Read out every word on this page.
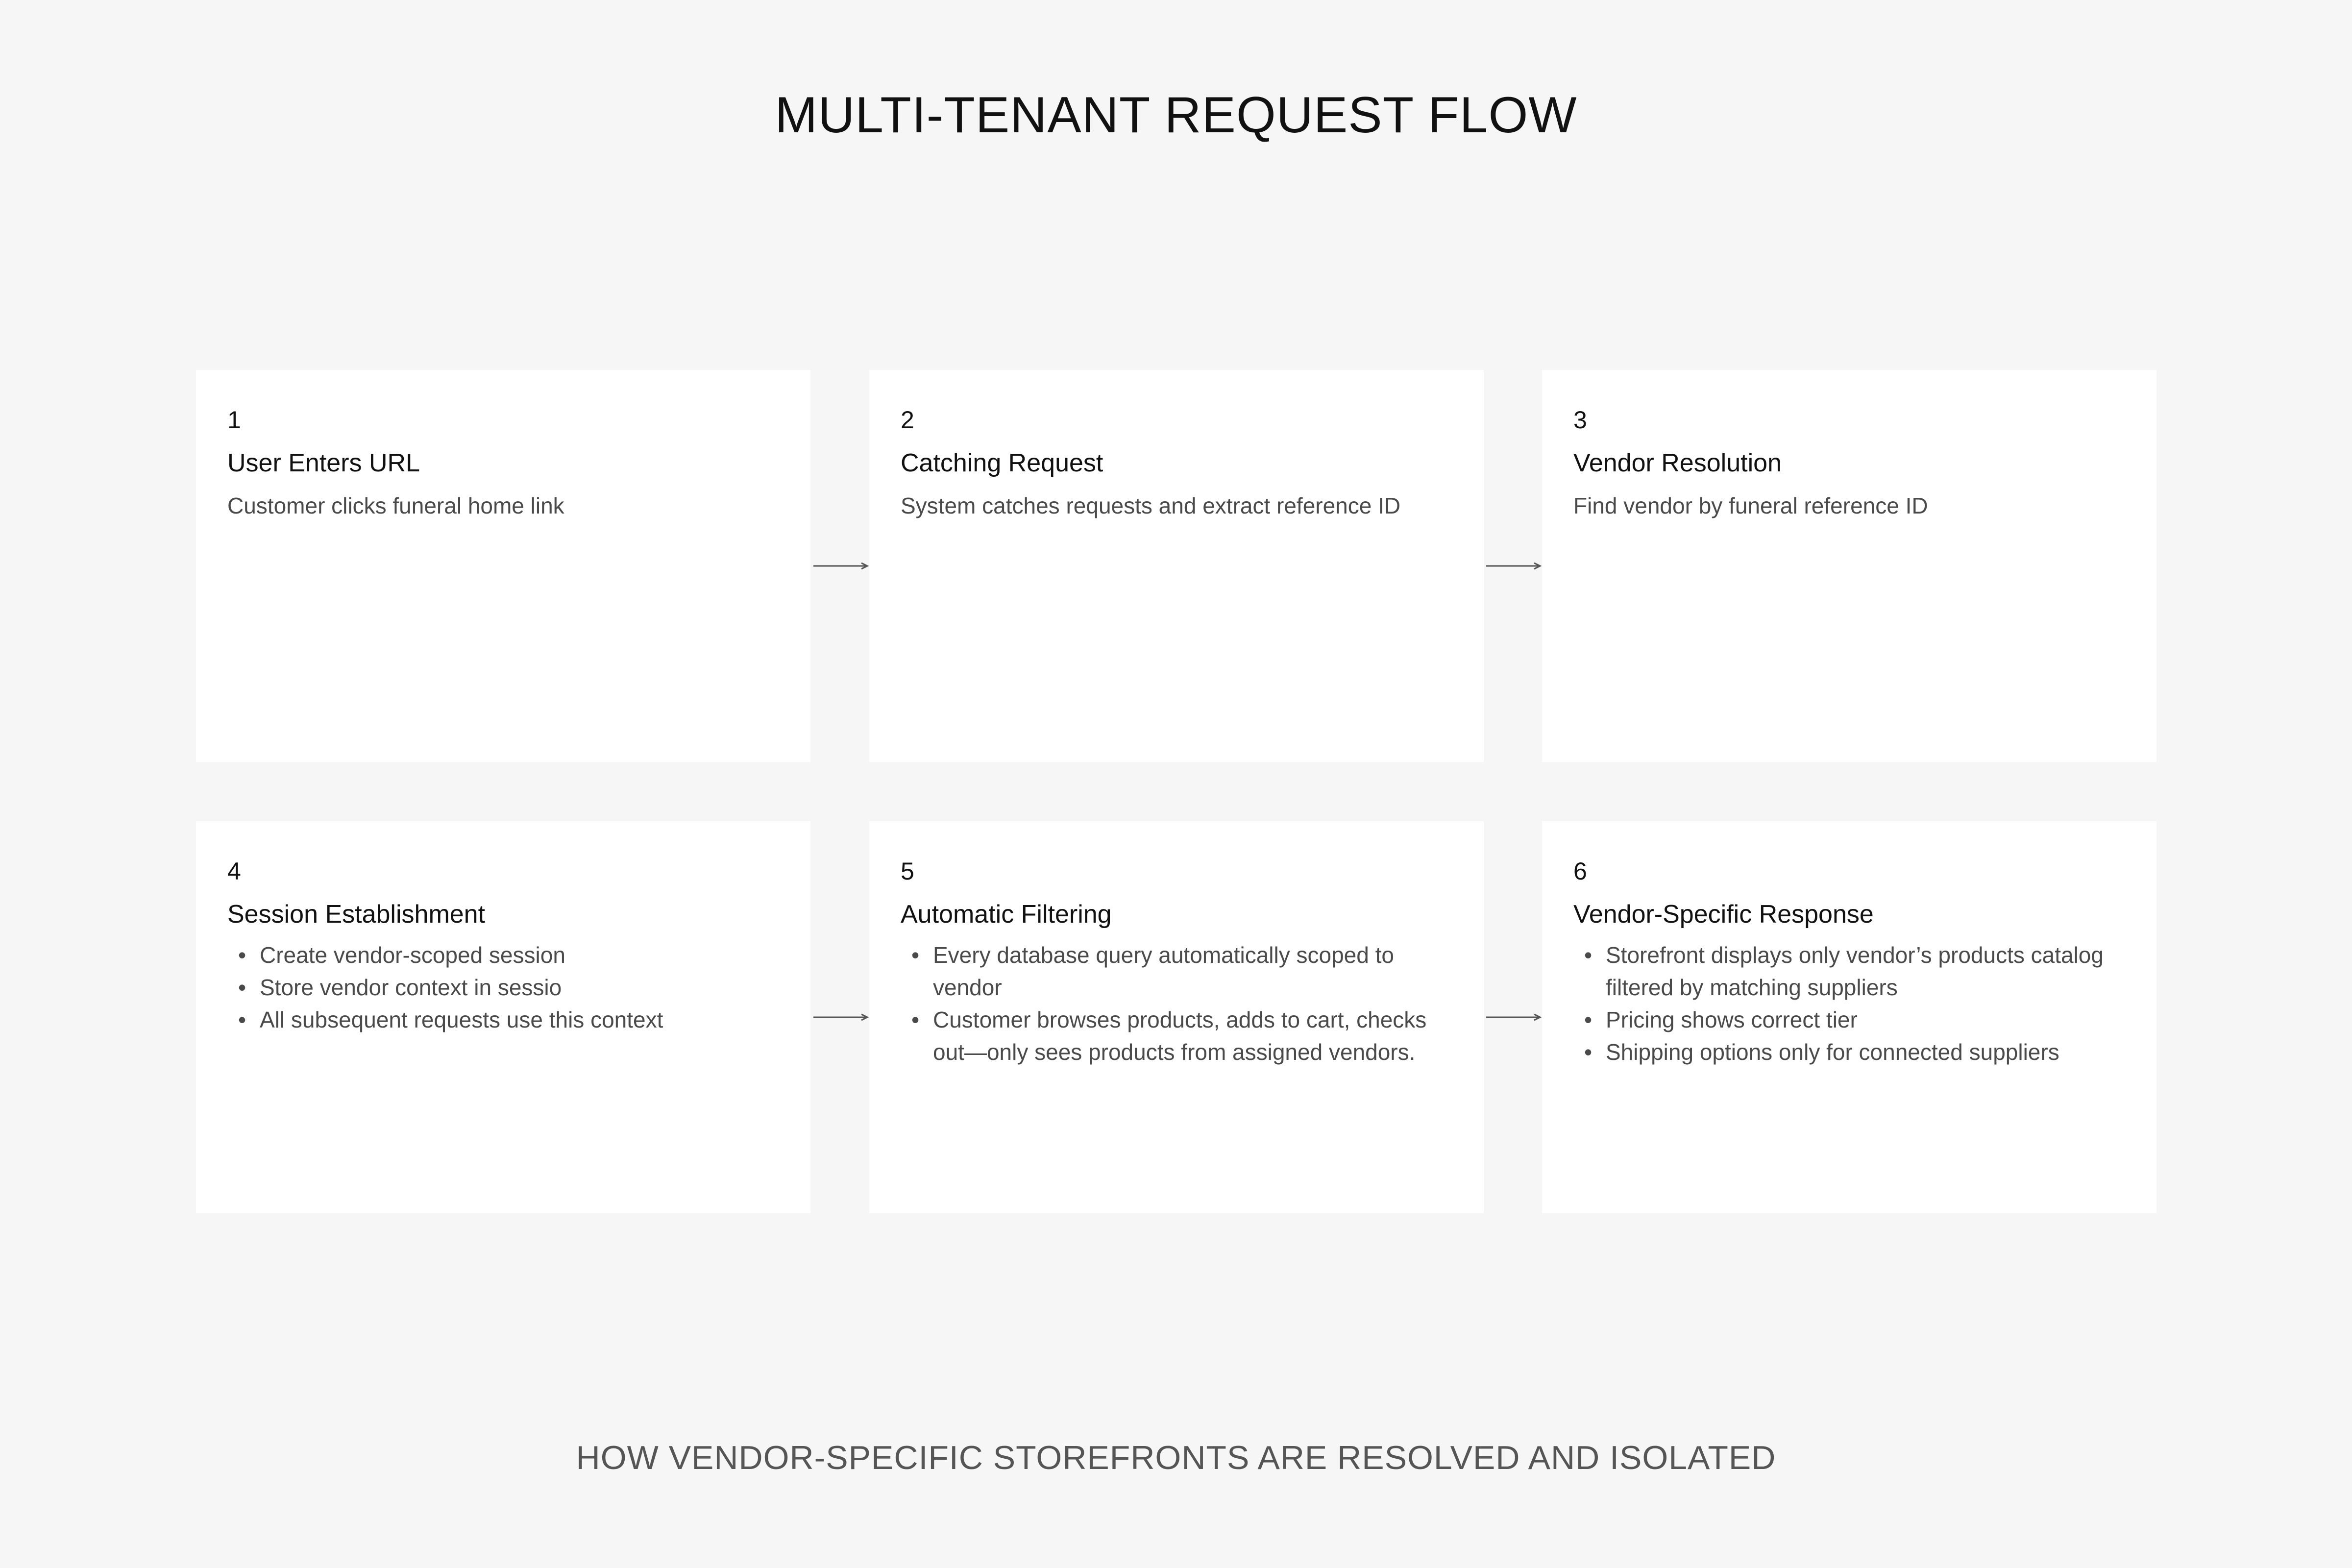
MULTI-TENANT REQUEST FLOW
1
User Enters URL
Customer clicks funeral home link
2
Catching Request
System catches requests and extract reference ID
3
Vendor Resolution
Find vendor by funeral reference ID
4
Session Establishment
• Create vendor-scoped session
• Store vendor context in sessio
• All subsequent requests use this context
5
Automatic Filtering
• Every database query automatically scoped to vendor
• Customer browses products, adds to cart, checks out—only sees products from assigned vendors.
6
Vendor-Specific Response
• Storefront displays only vendor’s products catalog filtered by matching suppliers
• Pricing shows correct tier
• Shipping options only for connected suppliers
HOW VENDOR-SPECIFIC STOREFRONTS ARE RESOLVED AND ISOLATED
